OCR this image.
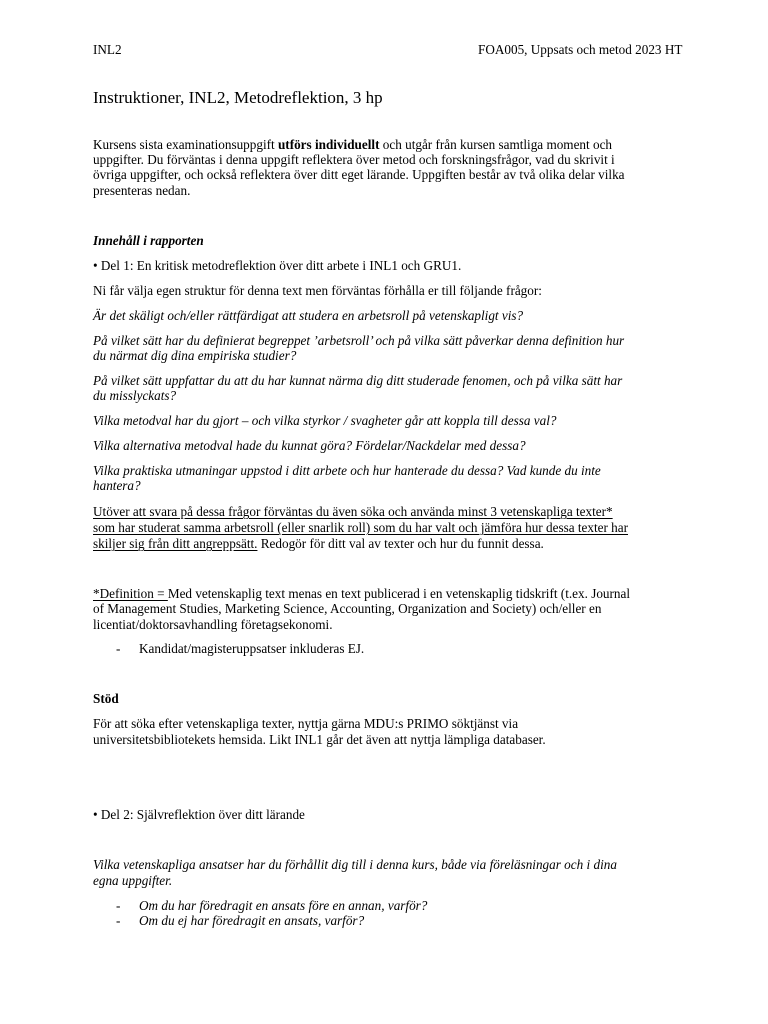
INL2	FOA005, Uppsats och metod 2023 HT

Instruktioner, INL2, Metodreflektion, 3 hp

Kursens sista examinationsuppgift utförs individuellt och utgår från kursen samtliga moment och

uppgifter. Du förväntas i denna uppgift reflektera över metod och forskningsfrågor, vad du skrivit i

övriga uppgifter, och också reflektera över ditt eget lärande. Uppgiften består av två olika delar vilka

presenteras nedan.

Innehåll i rapporten

• Del 1: En kritisk metodreflektion över ditt arbete i INL1 och GRU1.

Ni får välja egen struktur för denna text men förväntas förhålla er till följande frågor:

Är det skäligt och/eller rättfärdigat att studera en arbetsroll på vetenskapligt vis?

På vilket sätt har du definierat begreppet ’arbetsroll’ och på vilka sätt påverkar denna definition hur

du närmat dig dina empiriska studier?

På vilket sätt uppfattar du att du har kunnat närma dig ditt studerade fenomen, och på vilka sätt har

du misslyckats?

Vilka metodval har du gjort – och vilka styrkor / svagheter går att koppla till dessa val?

Vilka alternativa metodval hade du kunnat göra? Fördelar/Nackdelar med dessa?

Vilka praktiska utmaningar uppstod i ditt arbete och hur hanterade du dessa? Vad kunde du inte

hantera?

Utöver att svara på dessa frågor förväntas du även söka och använda minst 3 vetenskapliga texter*

som har studerat samma arbetsroll (eller snarlik roll) som du har valt och jämföra hur dessa texter har

skiljer sig från ditt angreppsätt. Redogör för ditt val av texter och hur du funnit dessa.

*Definition = Med vetenskaplig text menas en text publicerad i en vetenskaplig tidskrift (t.ex. Journal

of Management Studies, Marketing Science, Accounting, Organization and Society) och/eller en

licentiat/doktorsavhandling företagsekonomi.

- Kandidat/magisteruppsatser inkluderas EJ.

Stöd

För att söka efter vetenskapliga texter, nyttja gärna MDU:s PRIMO söktjänst via

universitetsbibliotekets hemsida. Likt INL1 går det även att nyttja lämpliga databaser.

• Del 2: Självreflektion över ditt lärande

Vilka vetenskapliga ansatser har du förhållit dig till i denna kurs, både via föreläsningar och i dina

egna uppgifter.

- Om du har föredragit en ansats före en annan, varför?

- Om du ej har föredragit en ansats, varför?
